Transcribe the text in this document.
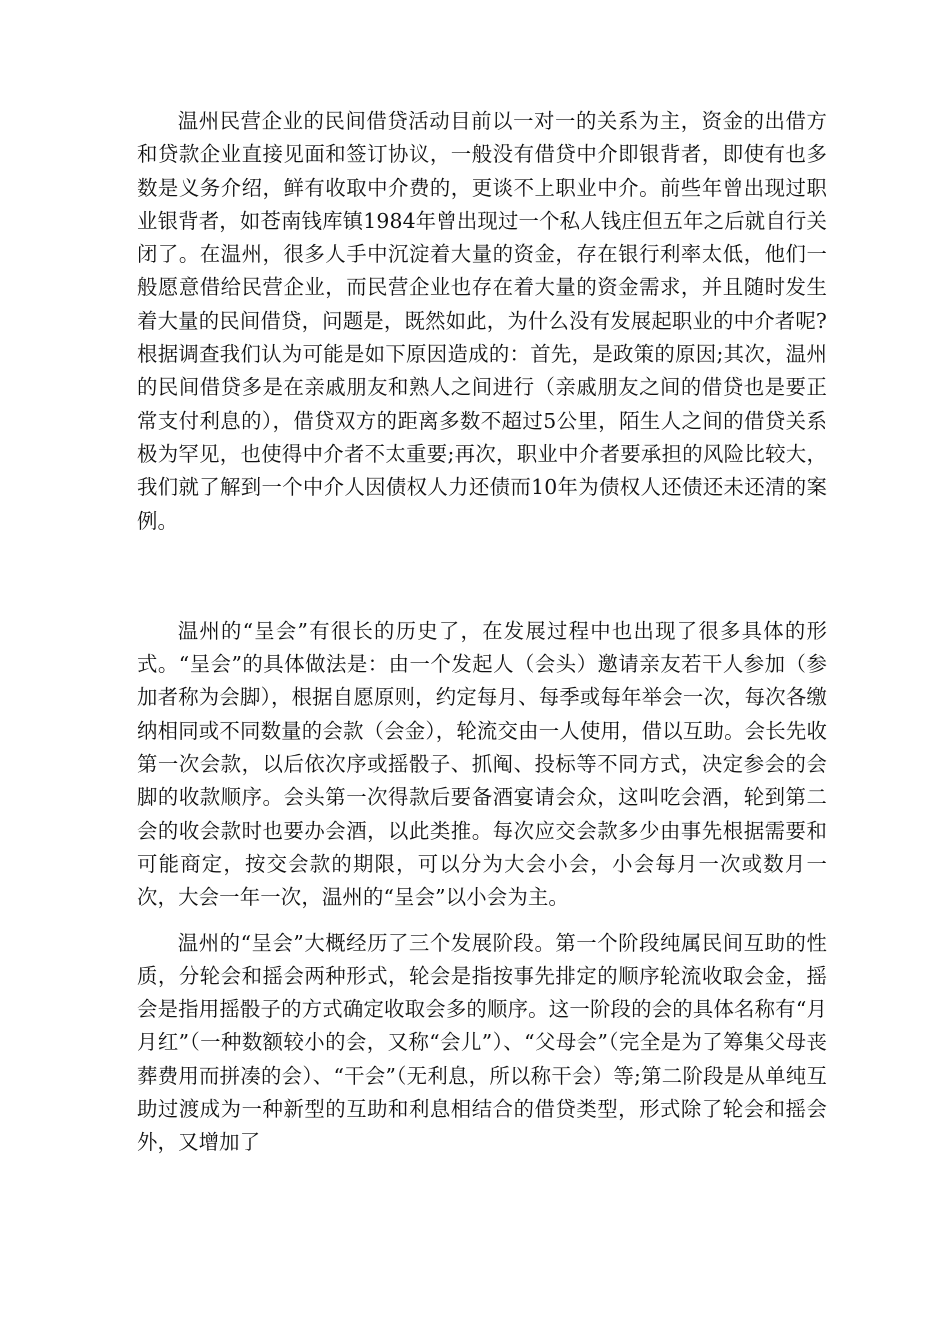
温州民营企业的民间借贷活动目前以一对一的关系为主，资金的出借方和贷款企业直接见面和签订协议，一般没有借贷中介即银背者，即使有也多数是义务介绍，鲜有收取中介费的，更谈不上职业中介。前些年曾出现过职业银背者，如苍南钱库镇1984年曾出现过一个私人钱庄但五年之后就自行关闭了。在温州，很多人手中沉淀着大量的资金，存在银行利率太低，他们一般愿意借给民营企业，而民营企业也存在着大量的资金需求，并且随时发生着大量的民间借贷，问题是，既然如此，为什么没有发展起职业的中介者呢?根据调查我们认为可能是如下原因造成的：首先，是政策的原因;其次，温州的民间借贷多是在亲戚朋友和熟人之间进行（亲戚朋友之间的借贷也是要正常支付利息的），借贷双方的距离多数不超过5公里，陌生人之间的借贷关系极为罕见，也使得中介者不太重要;再次，职业中介者要承担的风险比较大，我们就了解到一个中介人因债权人力还债而10年为债权人还债还未还清的案例。

温州的“呈会”有很长的历史了，在发展过程中也出现了很多具体的形式。“呈会”的具体做法是：由一个发起人（会头）邀请亲友若干人参加（参加者称为会脚），根据自愿原则，约定每月、每季或每年举会一次，每次各缴纳相同或不同数量的会款（会金），轮流交由一人使用，借以互助。会长先收第一次会款，以后依次序或摇骰子、抓阄、投标等不同方式，决定参会的会脚的收款顺序。会头第一次得款后要备酒宴请会众，这叫吃会酒，轮到第二会的收会款时也要办会酒，以此类推。每次应交会款多少由事先根据需要和可能商定，按交会款的期限，可以分为大会小会，小会每月一次或数月一次，大会一年一次，温州的“呈会”以小会为主。

温州的“呈会”大概经历了三个发展阶段。第一个阶段纯属民间互助的性质，分轮会和摇会两种形式，轮会是指按事先排定的顺序轮流收取会金，摇会是指用摇骰子的方式确定收取会多的顺序。这一阶段的会的具体名称有“月月红”（一种数额较小的会，又称“会儿”）、“父母会”（完全是为了筹集父母丧葬费用而拼凑的会）、“干会”（无利息，所以称干会）等;第二阶段是从单纯互助过渡成为一种新型的互助和利息相结合的借贷类型，形式除了轮会和摇会外，又增加了
